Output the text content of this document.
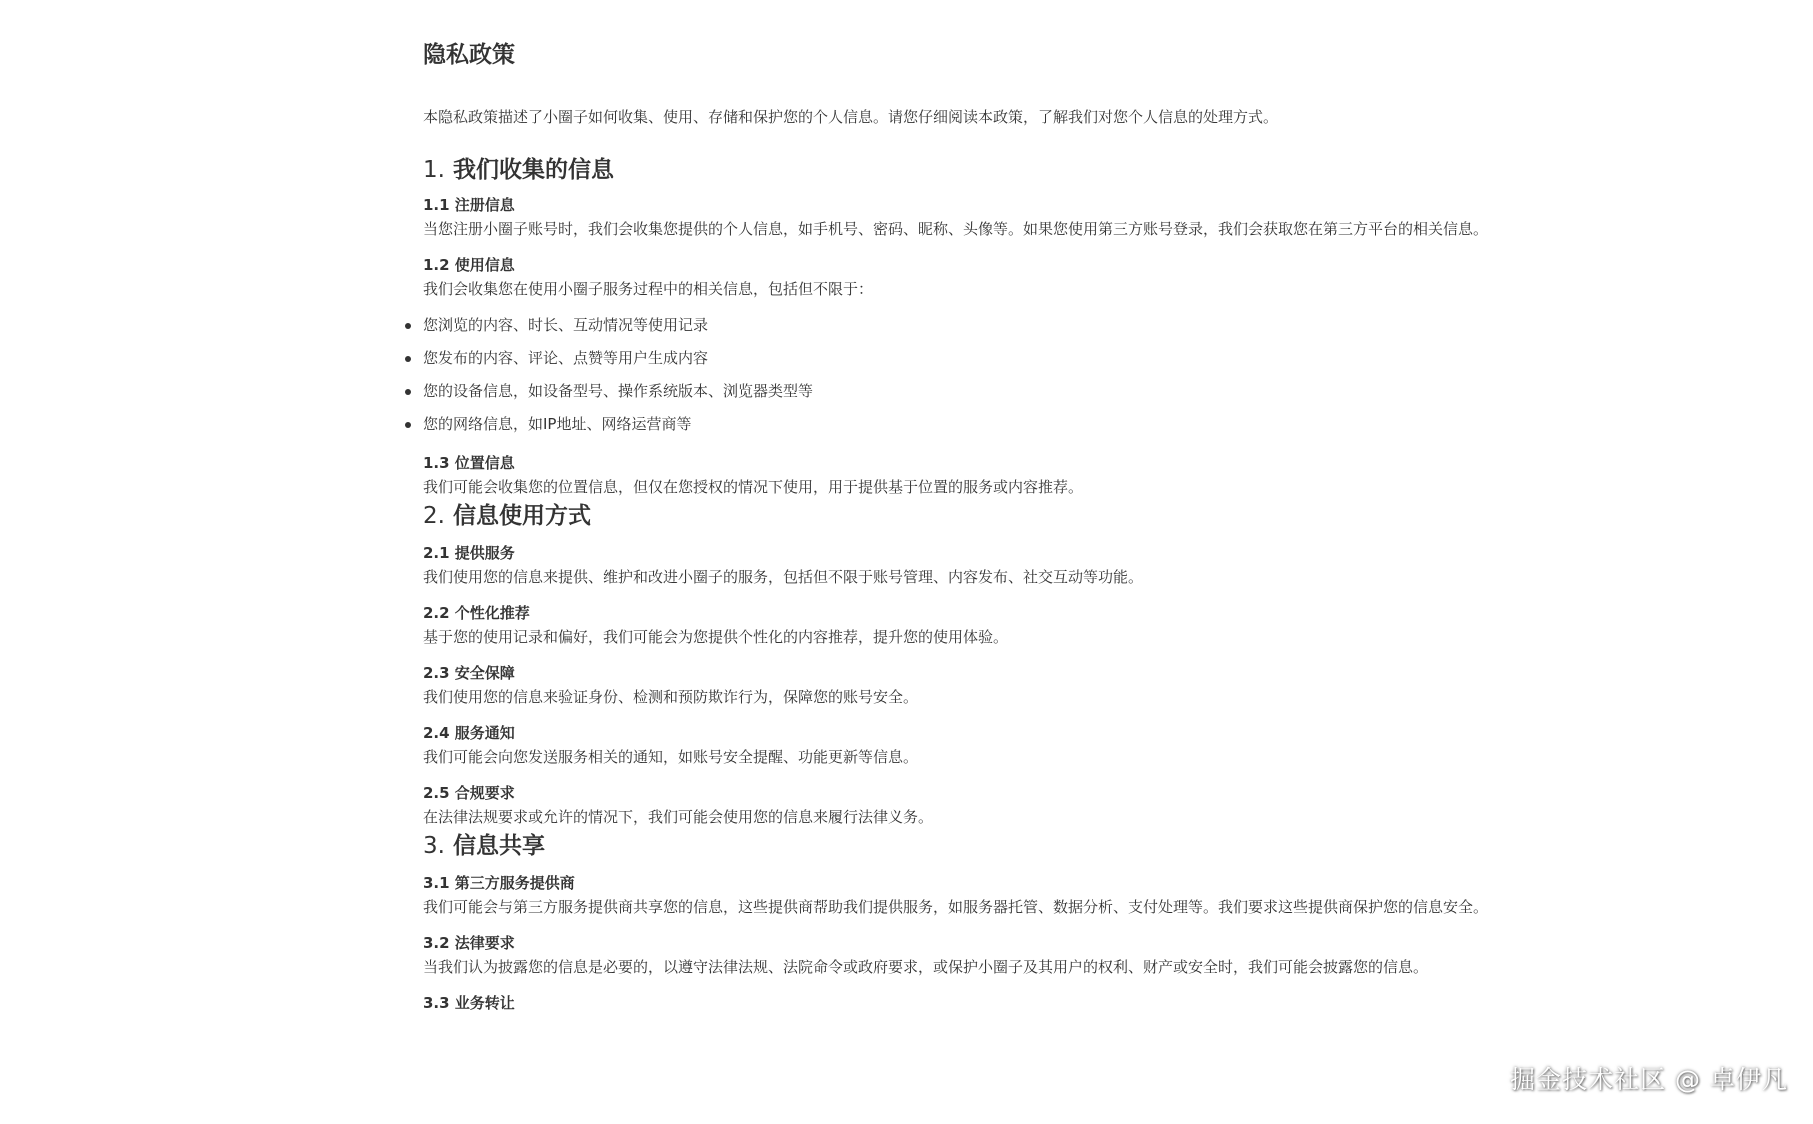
隐私政策

本隐私政策描述了小圈子如何收集、使用、存储和保护您的个人信息。请您仔细阅读本政策，了解我们对您个人信息的处理方式。

1. 我们收集的信息
1.1 注册信息

当您注册小圈子账号时，我们会收集您提供的个人信息，如手机号、密码、昵称、头像等。如果您使用第三方账号登录，我们会获取您在第三方平台的相关信息。

1.2 使用信息

我们会收集您在使用小圈子服务过程中的相关信息，包括但不限于：

您浏览的内容、时长、互动情况等使用记录
您发布的内容、评论、点赞等用户生成内容
您的设备信息，如设备型号、操作系统版本、浏览器类型等
您的网络信息，如IP地址、网络运营商等
1.3 位置信息

我们可能会收集您的位置信息，但仅在您授权的情况下使用，用于提供基于位置的服务或内容推荐。

2. 信息使用方式
2.1 提供服务

我们使用您的信息来提供、维护和改进小圈子的服务，包括但不限于账号管理、内容发布、社交互动等功能。

2.2 个性化推荐

基于您的使用记录和偏好，我们可能会为您提供个性化的内容推荐，提升您的使用体验。

2.3 安全保障

我们使用您的信息来验证身份、检测和预防欺诈行为，保障您的账号安全。

2.4 服务通知

我们可能会向您发送服务相关的通知，如账号安全提醒、功能更新等信息。

2.5 合规要求

在法律法规要求或允许的情况下，我们可能会使用您的信息来履行法律义务。

3. 信息共享
3.1 第三方服务提供商

我们可能会与第三方服务提供商共享您的信息，这些提供商帮助我们提供服务，如服务器托管、数据分析、支付处理等。我们要求这些提供商保护您的信息安全。

3.2 法律要求

当我们认为披露您的信息是必要的，以遵守法律法规、法院命令或政府要求，或保护小圈子及其用户的权利、财产或安全时，我们可能会披露您的信息。

3.3 业务转让
掘金技术社区 @ 卓伊凡
